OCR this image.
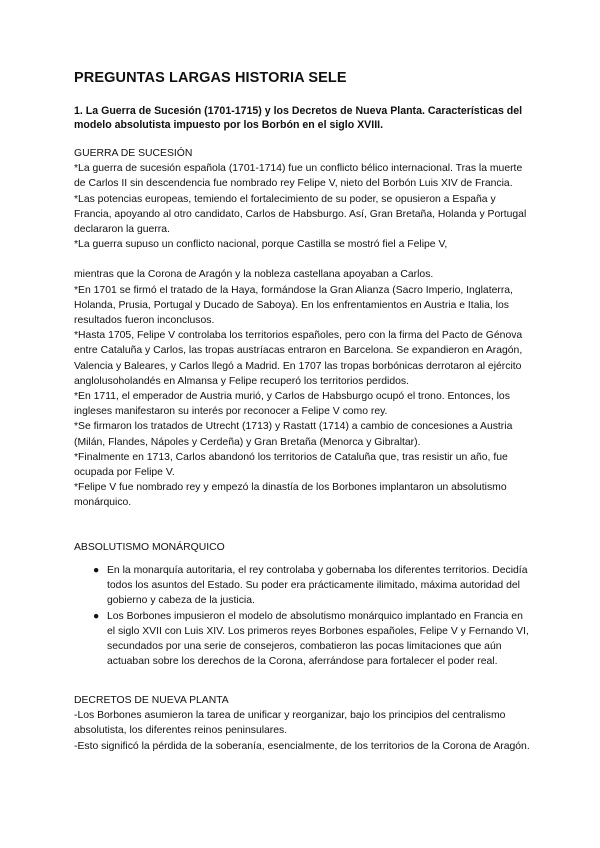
PREGUNTAS LARGAS HISTORIA SELE
1. La Guerra de Sucesión (1701-1715) y los Decretos de Nueva Planta. Características del modelo absolutista impuesto por los Borbón en el siglo XVIII.

GUERRA DE SUCESIÓN

*La guerra de sucesión española (1701-1714) fue un conflicto bélico internacional. Tras la muerte de Carlos II sin descendencia fue nombrado rey Felipe V, nieto del Borbón Luis XIV de Francia.

*Las potencias europeas, temiendo el fortalecimiento de su poder, se opusieron a España y Francia, apoyando al otro candidato, Carlos de Habsburgo. Así, Gran Bretaña, Holanda y Portugal declararon la guerra.

*La guerra supuso un conflicto nacional, porque Castilla se mostró fiel a Felipe V,

mientras que la Corona de Aragón y la nobleza castellana apoyaban a Carlos.

*En 1701 se firmó el tratado de la Haya, formándose la Gran Alianza (Sacro Imperio, Inglaterra, Holanda, Prusia, Portugal y Ducado de Saboya). En los enfrentamientos en Austria e Italia, los resultados fueron inconclusos.

*Hasta 1705, Felipe V controlaba los territorios españoles, pero con la firma del Pacto de Génova entre Cataluña y Carlos, las tropas austríacas entraron en Barcelona. Se expandieron en Aragón, Valencia y Baleares, y Carlos llegó a Madrid. En 1707 las tropas borbónicas derrotaron al ejército anglolusoholandés en Almansa y Felipe recuperó los territorios perdidos.

*En 1711, el emperador de Austria murió, y Carlos de Habsburgo ocupó el trono. Entonces, los ingleses manifestaron su interés por reconocer a Felipe V como rey.

*Se firmaron los tratados de Utrecht (1713) y Rastatt (1714) a cambio de concesiones a Austria (Milán, Flandes, Nápoles y Cerdeña) y Gran Bretaña (Menorca y Gibraltar).

*Finalmente en 1713, Carlos abandonó los territorios de Cataluña que, tras resistir un año, fue ocupada por Felipe V.

*Felipe V fue nombrado rey y empezó la dinastía de los Borbones implantaron un absolutismo monárquico.

ABSOLUTISMO MONÁRQUICO

● En la monarquía autoritaria, el rey controlaba y gobernaba los diferentes territorios. Decidía todos los asuntos del Estado. Su poder era prácticamente ilimitado, máxima autoridad del gobierno y cabeza de la justicia.

● Los Borbones impusieron el modelo de absolutismo monárquico implantado en Francia en el siglo XVII con Luis XIV. Los primeros reyes Borbones españoles, Felipe V y Fernando VI, secundados por una serie de consejeros, combatieron las pocas limitaciones que aún actuaban sobre los derechos de la Corona, aferrándose para fortalecer el poder real.

DECRETOS DE NUEVA PLANTA

-Los Borbones asumieron la tarea de unificar y reorganizar, bajo los principios del centralismo absolutista, los diferentes reinos peninsulares.

-Esto significó la pérdida de la soberanía, esencialmente, de los territorios de la Corona de Aragón.
